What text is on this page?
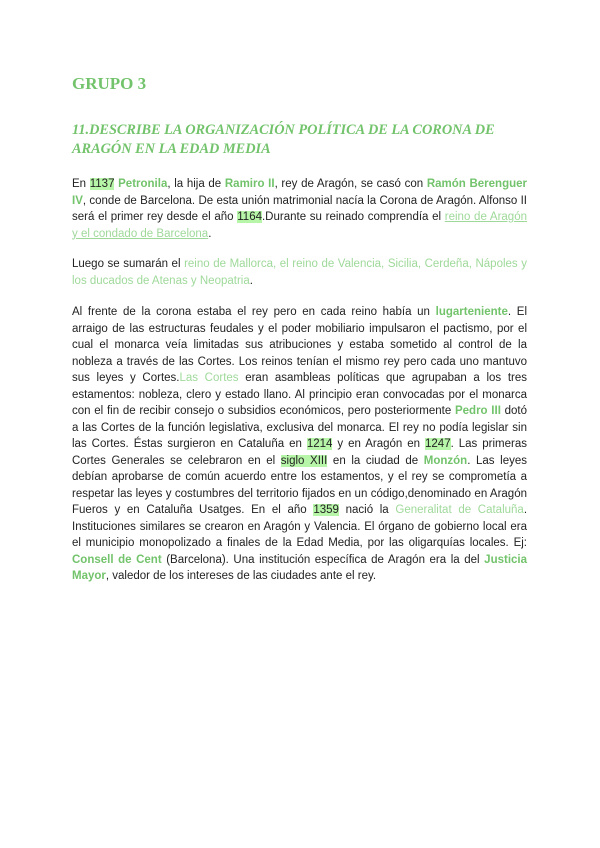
GRUPO 3
11.DESCRIBE LA ORGANIZACIÓN POLÍTICA DE LA CORONA DE ARAGÓN EN LA EDAD MEDIA

En 1137 Petronila, la hija de Ramiro II, rey de Aragón, se casó con Ramón Berenguer IV, conde de Barcelona. De esta unión matrimonial nacía la Corona de Aragón. Alfonso II será el primer rey desde el año 1164.Durante su reinado comprendía el reino de Aragón y el condado de Barcelona.

Luego se sumarán el reino de Mallorca, el reino de Valencia, Sicilia, Cerdeña, Nápoles y los ducados de Atenas y Neopatria.

Al frente de la corona estaba el rey pero en cada reino había un lugarteniente. El arraigo de las estructuras feudales y el poder mobiliario impulsaron el pactismo, por el cual el monarca veía limitadas sus atribuciones y estaba sometido al control de la nobleza a través de las Cortes. Los reinos tenían el mismo rey pero cada uno mantuvo sus leyes y Cortes.Las Cortes eran asambleas políticas que agrupaban a los tres estamentos: nobleza, clero y estado llano. Al principio eran convocadas por el monarca con el fin de recibir consejo o subsidios económicos, pero posteriormente Pedro III dotó a las Cortes de la función legislativa, exclusiva del monarca. El rey no podía legislar sin las Cortes. Éstas surgieron en Cataluña en 1214 y en Aragón en 1247. Las primeras Cortes Generales se celebraron en el siglo XIII en la ciudad de Monzón. Las leyes debían aprobarse de común acuerdo entre los estamentos, y el rey se comprometía a respetar las leyes y costumbres del territorio fijados en un código,denominado en Aragón Fueros y en Cataluña Usatges. En el año 1359 nació la Generalitat de Cataluña. Instituciones similares se crearon en Aragón y Valencia. El órgano de gobierno local era el municipio monopolizado a finales de la Edad Media, por las oligarquías locales. Ej: Consell de Cent (Barcelona). Una institución específica de Aragón era la del Justicia Mayor, valedor de los intereses de las ciudades ante el rey.
